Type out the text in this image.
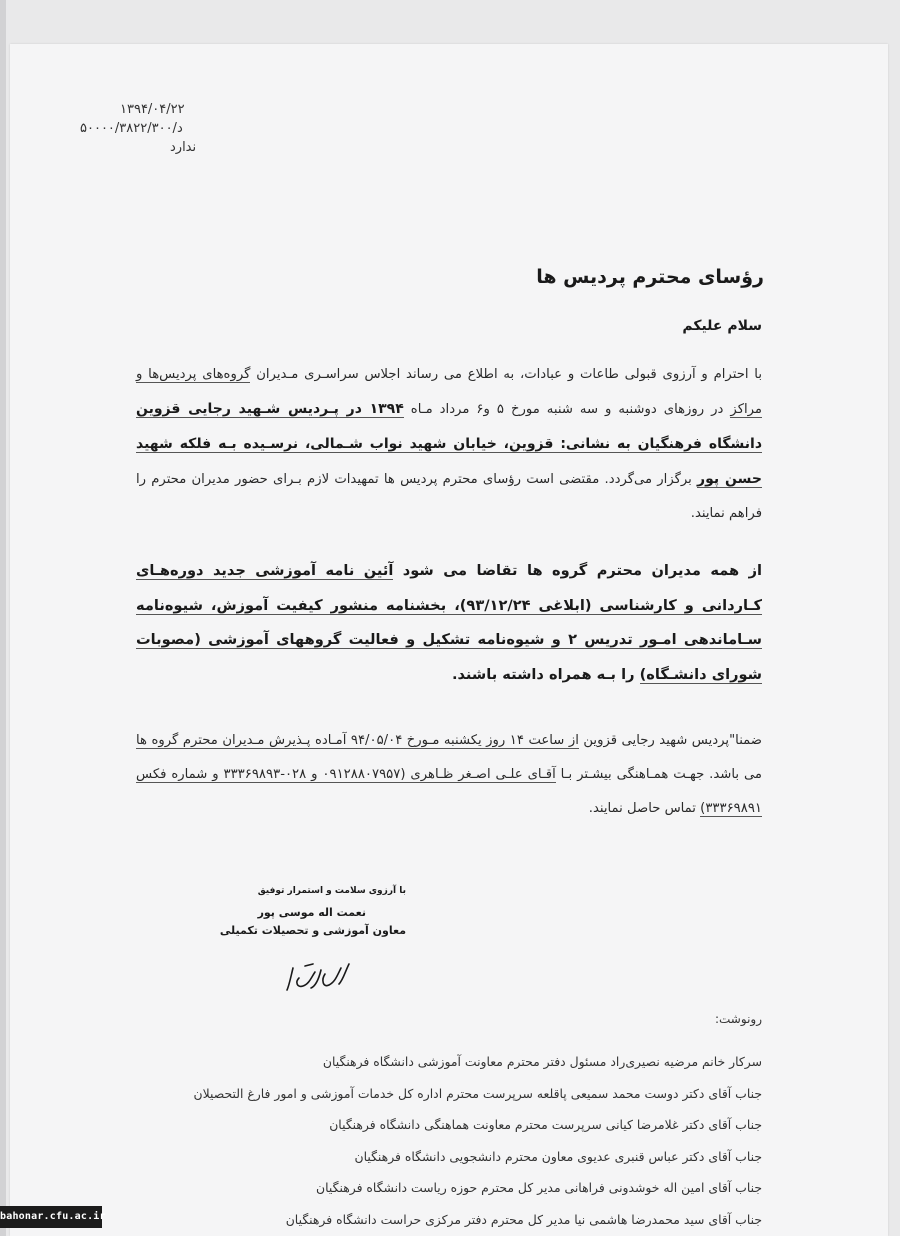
۱۳۹۴/۰۴/۲۲
۵۰۰۰۰/۳۸۲۲/۳۰۰/د
ندارد
رؤسای محترم پردیس ها
سلام علیکم
با احترام و آرزوی قبولی طاعات و عبادات، به اطلاع می رساند اجلاس سراسـری مـدیران گروه‌های پردیس‌ها و مراکز در روزهای دوشنبه و سه شنبه مورخ ۵ و۶ مرداد مـاه ۱۳۹۴ در پـردیس شـهید رجایی قزوین دانشگاه فرهنگیان به نشانی: قزوین، خیابان شهید نواب شـمالی، نرسـیده بـه فلکه شهید حسن پور برگزار می‌گردد. مقتضی است رؤسای محترم پردیس ها تمهیدات لازم بـرای حضور مدیران محترم را فراهم نمایند.
از همه مدیران محترم گروه ها تقاضا می شود آئین نامه آموزشی جدید دوره‌هـای کـاردانی و کارشناسی (ابلاغی ۹۳/۱۲/۲۴)، بخشنامه منشور کیفیت آموزش، شیوه‌نامه سـاماندهی امـور تدریس ۲ و شیوه‌نامه تشکیل و فعالیت گروههای آموزشی (مصوبات شورای دانشـگاه) را بـه همراه داشته باشند.
ضمنا"پردیس شهید رجایی قزوین از ساعت ۱۴ روز یکشنبه مـورخ ۹۴/۰۵/۰۴ آمـاده پـذیرش مـدیران محترم گروه ها می باشد. جهـت همـاهنگی بیشـتر بـا آقـای علـی اصـغر ظـاهری (۰۹۱۲۸۸۰۷۹۵۷ و ۰۲۸-۳۳۳۶۹۸۹۳ و شماره فکس ۳۳۳۶۹۸۹۱) تماس حاصل نمایند.
با آرزوی سلامت و استمرار توفیق
نعمت اله موسی پور
معاون آموزشی و تحصیلات تکمیلی
رونوشت:
سرکار خانم مرضیه نصیری‌راد مسئول دفتر محترم معاونت آموزشی دانشگاه فرهنگیان
جناب آقای دکتر دوست محمد سمیعی پاقلعه سرپرست محترم اداره کل خدمات آموزشی و امور فارغ التحصیلان
جناب آقای دکتر غلامرضا کیانی سرپرست محترم معاونت هماهنگی دانشگاه فرهنگیان
جناب آقای دکتر عباس قنبری عدیوی معاون محترم دانشجویی دانشگاه فرهنگیان
جناب آقای امین اله خوشدونی فراهانی مدیر کل محترم حوزه ریاست دانشگاه فرهنگیان
جناب آقای سید محمدرضا هاشمی نیا مدیر کل محترم دفتر مرکزی حراست دانشگاه فرهنگیان
bahonar.cfu.ac.ir
